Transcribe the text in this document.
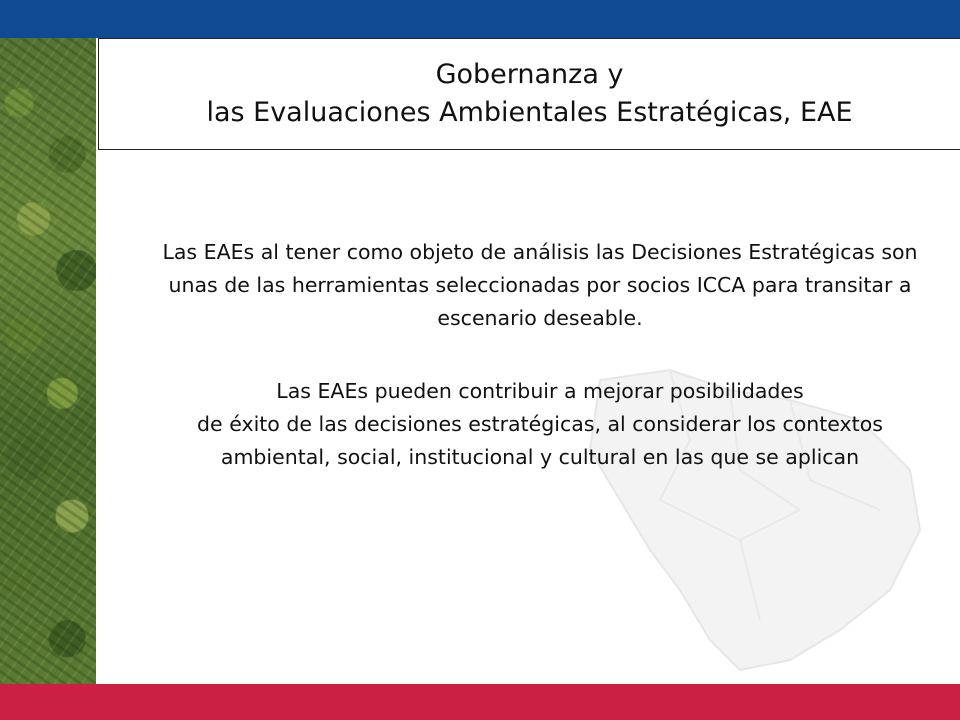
Gobernanza y
las Evaluaciones Ambientales Estratégicas, EAE

Las EAEs al tener como objeto de análisis las Decisiones Estratégicas son unas de las herramientas seleccionadas por socios ICCA para transitar a escenario deseable.

Las EAEs pueden contribuir a mejorar posibilidades

de éxito de las decisiones estratégicas, al considerar los contextos ambiental, social, institucional y cultural en las que se aplican
